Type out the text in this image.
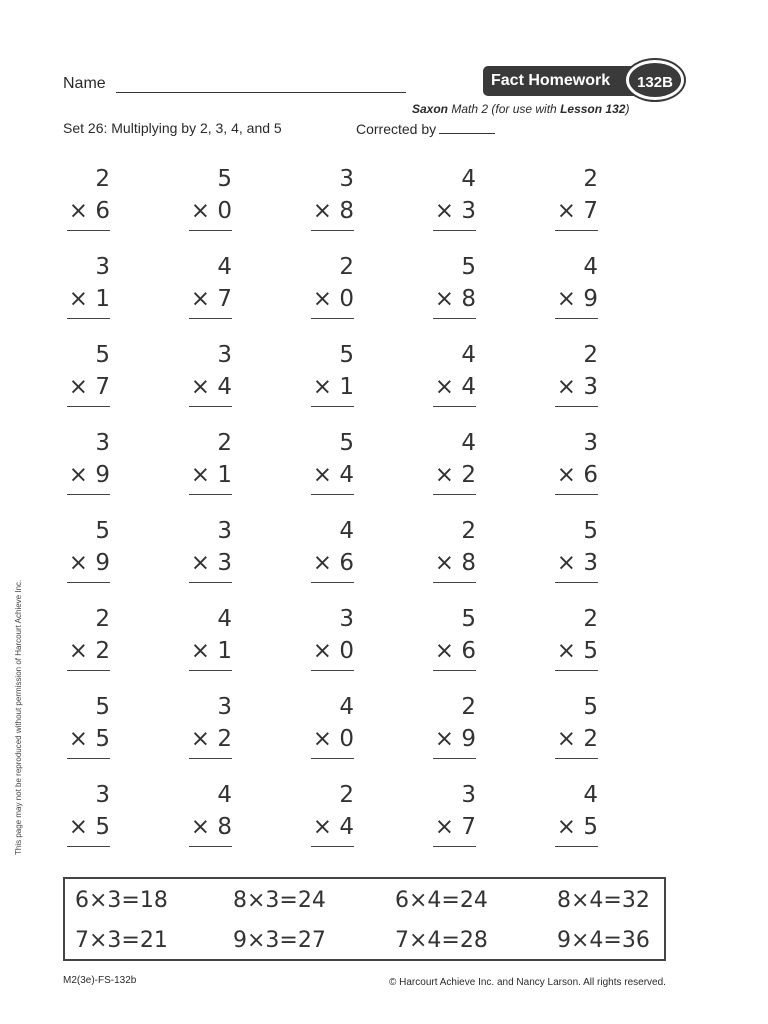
Name	Fact Homework	132B
Saxon Math 2 (for use with Lesson 132)
Set 26: Multiplying by 2, 3, 4, and 5	Corrected by
This page may not be reproduced without permission of Harcourt Achieve Inc.
2
× 6
5
× 0
3
× 8
4
× 3
2
× 7
3
× 1
4
× 7
2
× 0
5
× 8
4
× 9
5
× 7
3
× 4
5
× 1
4
× 4
2
× 3
3
× 9
2
× 1
5
× 4
4
× 2
3
× 6
5
× 9
3
× 3
4
× 6
2
× 8
5
× 3
2
× 2
4
× 1
3
× 0
5
× 6
2
× 5
5
× 5
3
× 2
4
× 0
2
× 9
5
× 2
3
× 5
4
× 8
2
× 4
3
× 7
4
× 5
6×3=18	8×3=24	6×4=24	8×4=32
7×3=21	9×3=27	7×4=28	9×4=36
M2(3e)-FS-132b	© Harcourt Achieve Inc. and Nancy Larson. All rights reserved.
